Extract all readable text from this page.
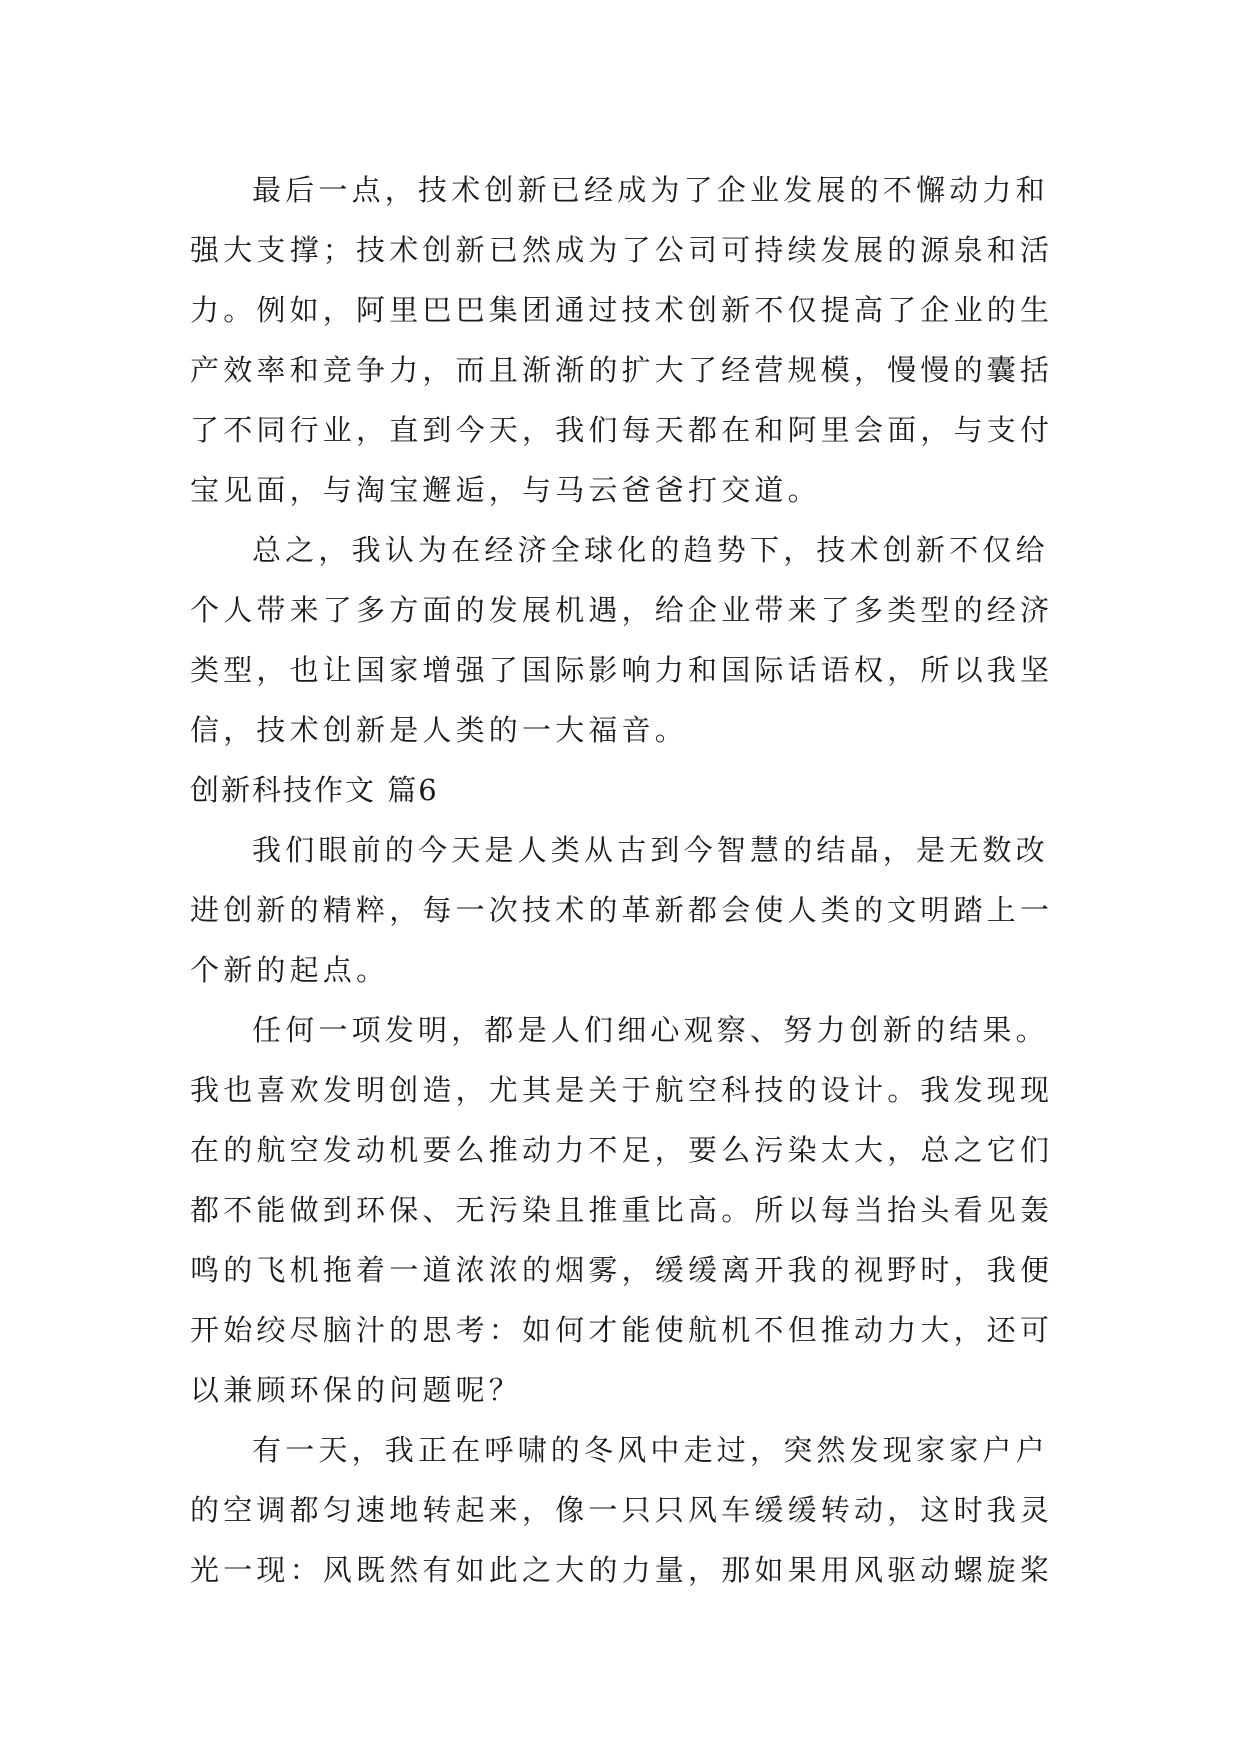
最后一点，技术创新已经成为了企业发展的不懈动力和
强大支撑；技术创新已然成为了公司可持续发展的源泉和活
力。例如，阿里巴巴集团通过技术创新不仅提高了企业的生
产效率和竞争力，而且渐渐的扩大了经营规模，慢慢的囊括
了不同行业，直到今天，我们每天都在和阿里会面，与支付
宝见面，与淘宝邂逅，与马云爸爸打交道。

总之，我认为在经济全球化的趋势下，技术创新不仅给
个人带来了多方面的发展机遇，给企业带来了多类型的经济
类型，也让国家增强了国际影响力和国际话语权，所以我坚
信，技术创新是人类的一大福音。

创新科技作文 篇6

我们眼前的今天是人类从古到今智慧的结晶，是无数改
进创新的精粹，每一次技术的革新都会使人类的文明踏上一
个新的起点。

任何一项发明，都是人们细心观察、努力创新的结果。
我也喜欢发明创造，尤其是关于航空科技的设计。我发现现
在的航空发动机要么推动力不足，要么污染太大，总之它们
都不能做到环保、无污染且推重比高。所以每当抬头看见轰
鸣的飞机拖着一道浓浓的烟雾，缓缓离开我的视野时，我便
开始绞尽脑汁的思考：如何才能使航机不但推动力大，还可
以兼顾环保的问题呢？

有一天，我正在呼啸的冬风中走过，突然发现家家户户
的空调都匀速地转起来，像一只只风车缓缓转动，这时我灵
光一现：风既然有如此之大的力量，那如果用风驱动螺旋桨
